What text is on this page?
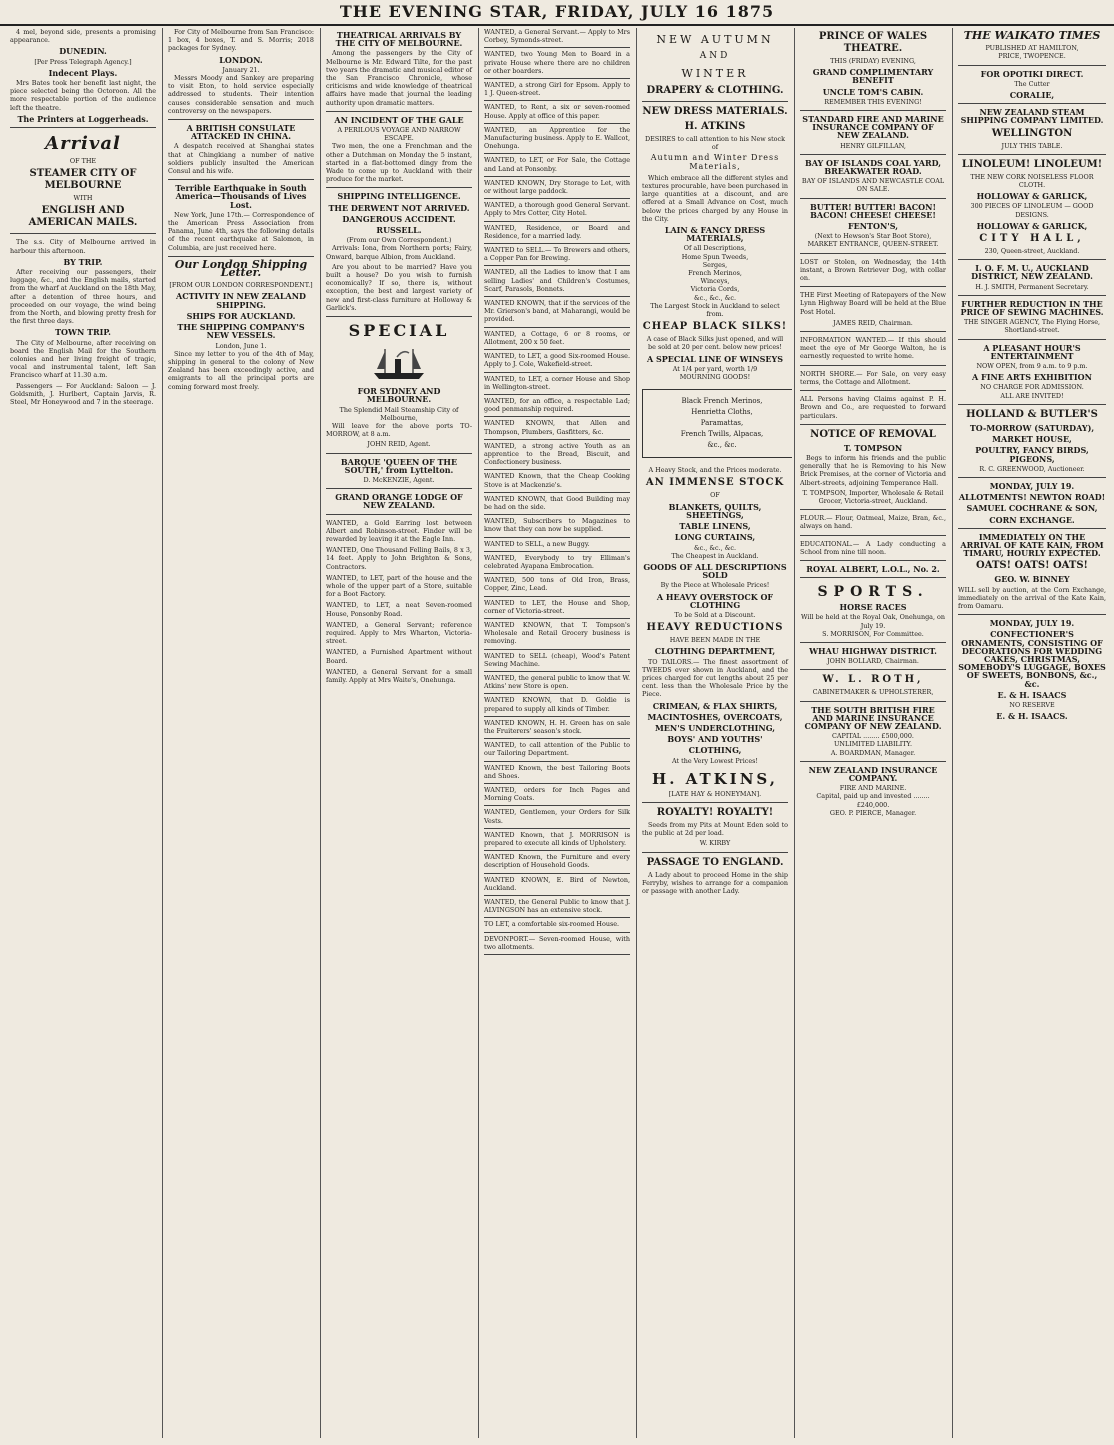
THE EVENING STAR, FRIDAY, JULY 16 1875

4 mel, beyond side, presents a promising appearance.

DUNEDIN.
[Per Press Telegraph Agency.]
Indecent Plays.

Mrs Bates took her benefit last night, the piece selected being the Octoroon. All the more respectable portion of the audience left the theatre.

The Printers at Loggerheads.
Arrival
OF THE
STEAMER CITY OF MELBOURNE
WITH
ENGLISH AND AMERICAN MAILS.

The s.s. City of Melbourne arrived in harbour this afternoon.

BY TRIP.

After receiving our passengers, their luggage, &c., and the English mails, started from the wharf at Auckland on the 18th May, after a detention of three hours, and proceeded on our voyage, the wind being from the North, and blowing pretty fresh for the first three days.

TOWN TRIP.

The City of Melbourne, after receiving on board the English Mail for the Southern colonies and her living freight of tragic, vocal and instrumental talent, left San Francisco wharf at 11.30 a.m.

Passengers — For Auckland: Saloon — J. Goldsmith, J. Hurlbert, Captain Jarvis, R. Steel, Mr Honeywood and 7 in the steerage.

For City of Melbourne from San Francisco: 1 box, 4 boxes, T. and S. Morris; 2018 packages for Sydney.

LONDON.
January 21.

Messrs Moody and Sankey are preparing to visit Eton, to hold service especially addressed to students. Their intention causes considerable sensation and much controversy on the newspapers.

A BRITISH CONSULATE ATTACKED IN CHINA.

A despatch received at Shanghai states that at Chingkiang a number of native soldiers publicly insulted the American Consul and his wife.

Terrible Earthquake in South America—Thousands of Lives Lost.

New York, June 17th.— Correspondence of the American Press Association from Panama, June 4th, says the following details of the recent earthquake at Salomon, in Columbia, are just received here.

Our London Shipping Letter.
[FROM OUR LONDON CORRESPONDENT.]
ACTIVITY IN NEW ZEALAND SHIPPING.
SHIPS FOR AUCKLAND.
THE SHIPPING COMPANY'S NEW VESSELS.
London, June 1.

Since my letter to you of the 4th of May, shipping in general to the colony of New Zealand has been exceedingly active, and emigrants to all the principal ports are coming forward most freely.

THEATRICAL ARRIVALS BY THE CITY OF MELBOURNE.

Among the passengers by the City of Melbourne is Mr. Edward Tilte, for the past two years the dramatic and musical editor of the San Francisco Chronicle, whose criticisms and wide knowledge of theatrical affairs have made that journal the leading authority upon dramatic matters.

AN INCIDENT OF THE GALE
A PERILOUS VOYAGE AND NARROW ESCAPE.

Two men, the one a Frenchman and the other a Dutchman on Monday the 5 instant, started in a flat-bottomed dingy from the Wade to come up to Auckland with their produce for the market.

SHIPPING INTELLIGENCE.
THE DERWENT NOT ARRIVED.
DANGEROUS ACCIDENT.
RUSSELL.
(From our Own Correspondent.)

Arrivals: Iona, from Northern ports; Fairy, Onward, barque Albion, from Auckland.

Are you about to be married? Have you built a house? Do you wish to furnish economically? If so, there is, without exception, the best and largest variety of new and first-class furniture at Holloway & Garlick's.

SPECIAL
FOR SYDNEY AND MELBOURNE.
The Splendid Mail Steamship City of Melbourne,

Will leave for the above ports TO-MORROW, at 8 a.m.

JOHN REID, Agent.
BARQUE 'QUEEN OF THE SOUTH,' from Lyttelton.
D. McKENZIE, Agent.
GRAND ORANGE LODGE OF NEW ZEALAND.

WANTED, a Gold Earring lost between Albert and Robinson-street. Finder will be rewarded by leaving it at the Eagle Inn.

WANTED, One Thousand Felling Bails, 8 x 3, 14 feet. Apply to John Brighton & Sons, Contractors.

WANTED, to LET, part of the house and the whole of the upper part of a Store, suitable for a Boot Factory.

WANTED, to LET, a neat Seven-roomed House, Ponsonby Road.

WANTED, a General Servant; reference required. Apply to Mrs Wharton, Victoria-street.

WANTED, a Furnished Apartment without Board.

WANTED, a General Servant for a small family. Apply at Mrs Waite's, Onehunga.

WANTED, a General Servant.— Apply to Mrs Corbey, Symonds-street.

WANTED, two Young Men to Board in a private House where there are no children or other boarders.

WANTED, a strong Girl for Epsom. Apply to 1 J. Queen-street.

WANTED, to Rent, a six or seven-roomed House. Apply at office of this paper.

WANTED, an Apprentice for the Manufacturing business. Apply to E. Wallcot, Onehunga.

WANTED, to LET, or For Sale, the Cottage and Land at Ponsonby.

WANTED KNOWN, Dry Storage to Let, with or without large paddock.

WANTED, a thorough good General Servant. Apply to Mrs Cotter, City Hotel.

WANTED, Residence, or Board and Residence, for a married lady.

WANTED to SELL.— To Brewers and others, a Copper Pan for Brewing.

WANTED, all the Ladies to know that I am selling Ladies' and Children's Costumes, Scarf, Parasols, Bonnets.

WANTED KNOWN, that if the services of the Mr. Grierson's band, at Maharangi, would be provided.

WANTED, a Cottage, 6 or 8 rooms, or Allotment, 200 x 50 feet.

WANTED, to LET, a good Six-roomed House. Apply to J. Cole, Wakefield-street.

WANTED, to LET, a corner House and Shop in Wellington-street.

WANTED, for an office, a respectable Lad; good penmanship required.

WANTED KNOWN, that Allen and Thompson, Plumbers, Gasfitters, &c.

WANTED, a strong active Youth as an apprentice to the Bread, Biscuit, and Confectionery business.

WANTED Known, that the Cheap Cooking Stove is at Mackenzie's.

WANTED KNOWN, that Good Building may be had on the side.

WANTED, Subscribers to Magazines to know that they can now be supplied.

WANTED to SELL, a new Buggy.

WANTED, Everybody to try Elliman's celebrated Ayapana Embrocation.

WANTED, 500 tons of Old Iron, Brass, Copper, Zinc, Lead.

WANTED to LET, the House and Shop, corner of Victoria-street.

WANTED KNOWN, that T. Tompson's Wholesale and Retail Grocery business is removing.

WANTED to SELL (cheap), Wood's Patent Sewing Machine.

WANTED, the general public to know that W. Atkins' new Store is open.

WANTED KNOWN, that D. Goldie is prepared to supply all kinds of Timber.

WANTED KNOWN, H. H. Green has on sale the Fruiterers' season's stock.

WANTED, to call attention of the Public to our Tailoring Department.

WANTED Known, the best Tailoring Boots and Shoes.

WANTED, orders for Inch Pages and Morning Coats.

WANTED, Gentlemen, your Orders for Silk Vests.

WANTED Known, that J. MORRISON is prepared to execute all kinds of Upholstery.

WANTED Known, the Furniture and every description of Household Goods.

WANTED KNOWN, E. Bird of Newton, Auckland.

WANTED, the General Public to know that J. ALVINGSON has an extensive stock.

TO LET, a comfortable six-roomed House.

DEVONPORT.— Seven-roomed House, with two allotments.

NEW AUTUMN
AND
WINTER
DRAPERY & CLOTHING.
NEW DRESS MATERIALS.
H. ATKINS
DESIRES to call attention to his New stock of
Autumn and Winter Dress Materials,

Which embrace all the different styles and textures procurable, have been purchased in large quantities at a discount, and are offered at a Small Advance on Cost, much below the prices charged by any House in the City.

LAIN & FANCY DRESS MATERIALS,
Of all Descriptions,
Home Spun Tweeds,
Serges,
French Merinos,
Winceys,
Victoria Cords,
&c., &c., &c.
The Largest Stock in Auckland to select from.
CHEAP BLACK SILKS!

A case of Black Silks just opened, and will be sold at 20 per cent. below new prices!

A SPECIAL LINE OF WINSEYS
At 1/4 per yard, worth 1/9
MOURNING GOODS!
Black French Merinos,
Henrietta Cloths,
Paramattas,
French Twills, Alpacas,
&c., &c.
A Heavy Stock, and the Prices moderate.
AN IMMENSE STOCK
OF
BLANKETS, QUILTS, SHEETINGS,
TABLE LINENS,
LONG CURTAINS,
&c., &c., &c.
The Cheapest in Auckland.
GOODS OF ALL DESCRIPTIONS SOLD
By the Piece at Wholesale Prices!
A HEAVY OVERSTOCK OF CLOTHING
To be Sold at a Discount.
HEAVY REDUCTIONS
HAVE BEEN MADE IN THE
CLOTHING DEPARTMENT,

TO TAILORS.— The finest assortment of TWEEDS ever shown in Auckland, and the prices charged for cut lengths about 25 per cent. less than the Wholesale Price by the Piece.

CRIMEAN, & FLAX SHIRTS,
MACINTOSHES, OVERCOATS,
MEN'S UNDERCLOTHING,
BOYS' AND YOUTHS'
CLOTHING,
At the Very Lowest Prices!
H. ATKINS,
[LATE HAY & HONEYMAN].
ROYALTY! ROYALTY!

Seeds from my Pits at Mount Eden sold to the public at 2d per load.

W. KIRBY
PASSAGE TO ENGLAND.

A Lady about to proceed Home in the ship Ferryby, wishes to arrange for a companion or passage with another Lady.

PRINCE OF WALES THEATRE.
THIS (FRIDAY) EVENING,
GRAND COMPLIMENTARY BENEFIT
UNCLE TOM'S CABIN.
REMEMBER THIS EVENING!
STANDARD FIRE AND MARINE INSURANCE COMPANY OF NEW ZEALAND.
HENRY GILFILLAN,
BAY OF ISLANDS COAL YARD, BREAKWATER ROAD.
BAY OF ISLANDS AND NEWCASTLE COAL ON SALE.
BUTTER! BUTTER! BACON! BACON! CHEESE! CHEESE!
FENTON'S,
(Next to Hewson's Star Boot Store), MARKET ENTRANCE, QUEEN-STREET.

LOST or Stolen, on Wednesday, the 14th instant, a Brown Retriever Dog, with collar on.

THE First Meeting of Ratepayers of the New Lynn Highway Board will be held at the Blue Post Hotel.

JAMES REID, Chairman.

INFORMATION WANTED.— If this should meet the eye of Mr George Walton, he is earnestly requested to write home.

NORTH SHORE.— For Sale, on very easy terms, the Cottage and Allotment.

ALL Persons having Claims against P. H. Brown and Co., are requested to forward particulars.

NOTICE OF REMOVAL
T. TOMPSON

Begs to inform his friends and the public generally that he is Removing to his New Brick Premises, at the corner of Victoria and Albert-streets, adjoining Temperance Hall.

T. TOMPSON, Importer, Wholesale & Retail Grocer, Victoria-street, Auckland.

FLOUR.— Flour, Oatmeal, Maize, Bran, &c., always on hand.

EDUCATIONAL.— A Lady conducting a School from nine till noon.

ROYAL ALBERT, L.O.L., No. 2.
SPORTS.
HORSE RACES
Will be held at the Royal Oak, Onehunga, on July 19.
S. MORRISON, For Committee.
WHAU HIGHWAY DISTRICT.
JOHN BOLLARD, Chairman.
W. L. ROTH,
CABINETMAKER & UPHOLSTERER,
THE SOUTH BRITISH FIRE AND MARINE INSURANCE COMPANY OF NEW ZEALAND.
CAPITAL ........ £500,000.
UNLIMITED LIABILITY.
A. BOARDMAN, Manager.
NEW ZEALAND INSURANCE COMPANY.
FIRE AND MARINE.
Capital, paid up and invested ........ £240,000.
GEO. P. PIERCE, Manager.
THE WAIKATO TIMES
PUBLISHED AT HAMILTON,
PRICE, TWOPENCE.
FOR OPOTIKI DIRECT.
The Cutter
CORALIE,
NEW ZEALAND STEAM SHIPPING COMPANY LIMITED.
WELLINGTON
JULY THIS TABLE.
LINOLEUM! LINOLEUM!
THE NEW CORK NOISELESS FLOOR CLOTH.
HOLLOWAY & GARLICK,
300 PIECES OF LINOLEUM — GOOD DESIGNS.
HOLLOWAY & GARLICK,
CITY HALL,
230, Queen-street, Auckland.
I. O. F. M. U., AUCKLAND DISTRICT, NEW ZEALAND.
H. J. SMITH, Permanent Secretary.
FURTHER REDUCTION IN THE PRICE OF SEWING MACHINES.
THE SINGER AGENCY, The Flying Horse, Shortland-street.
A PLEASANT HOUR'S ENTERTAINMENT
NOW OPEN, from 9 a.m. to 9 p.m.
A FINE ARTS EXHIBITION
NO CHARGE FOR ADMISSION.
ALL ARE INVITED!
HOLLAND & BUTLER'S
TO-MORROW (SATURDAY),
MARKET HOUSE,
POULTRY, FANCY BIRDS, PIGEONS,
R. C. GREENWOOD, Auctioneer.
MONDAY, JULY 19.
ALLOTMENTS! NEWTON ROAD!
SAMUEL COCHRANE & SON,
CORN EXCHANGE.
IMMEDIATELY ON THE ARRIVAL OF KATE KAIN, FROM TIMARU, HOURLY EXPECTED.
OATS! OATS! OATS!
GEO. W. BINNEY

WILL sell by auction, at the Corn Exchange, immediately on the arrival of the Kate Kain, from Oamaru.

MONDAY, JULY 19.
CONFECTIONER'S ORNAMENTS, CONSISTING OF DECORATIONS FOR WEDDING CAKES, CHRISTMAS, SOMEBODY'S LUGGAGE, BOXES OF SWEETS, BONBONS, &c., &c.
E. & H. ISAACS
NO RESERVE
E. & H. ISAACS.
